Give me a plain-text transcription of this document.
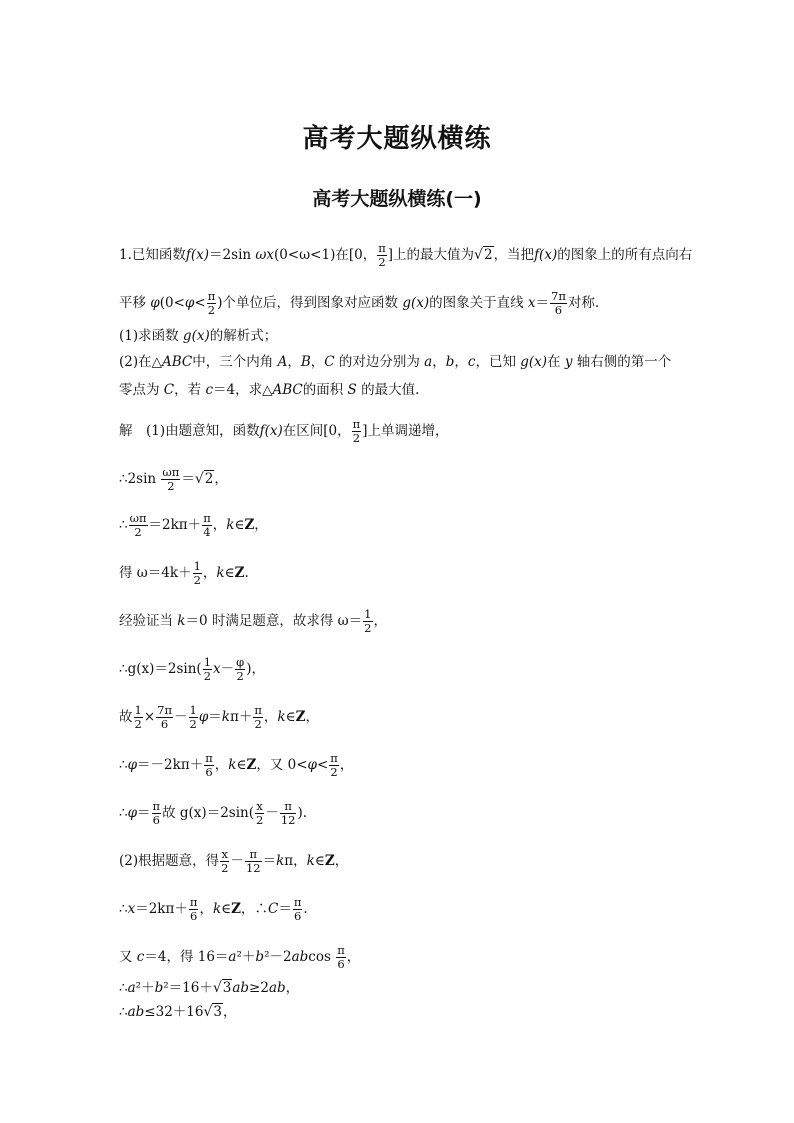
高考大题纵横练
高考大题纵横练(一)
1.已知函数f(x)＝2sin ωx(0<ω<1)在[0， $\frac{\pi}{2}$ ]上的最大值为√2，当把f(x)的图象上的所有点向右
平移 $\varphi(0<\varphi< \frac{\pi}{2}$ )个单位后，得到图象对应函数 g(x)的图象关于直线 $x= \frac{7\pi}{6}$ 对称.
(1)求函数 g(x)的解析式；
(2)在△ABC中，三个内角 A，B，C 的对边分别为 a，b，c，已知 g(x)在 y 轴右侧的第一个
零点为 C，若 c＝4，求△ABC的面积 S 的最大值.
解　(1)由题意知，函数f(x)在区间[0， $\frac{\pi}{2}$ ]上单调递增，
∴2sin $\frac{\omega\pi}{2} =√2$，
∴ $\frac{\omega\pi}{2} =2k\pi+ \frac{\pi}{4}$ ，k∈Z，
得 $\omega=4k+ \frac{1}{2}$ ，k∈Z.
经验证当 k＝0 时满足题意，故求得 $\omega= \frac{1}{2}$ ，
∴g(x)＝2sin( $\frac{1}{2} x- \frac{\varphi}{2}$ )，
故 $\frac{1}{2} \times \frac{7\pi}{6} - \frac{1}{2} \varphi=k\pi+ \frac{\pi}{2}$ ，k∈Z，
∴φ＝－2kπ＋ $\frac{\pi}{6}$ ，k∈Z，又 $0<\varphi< \frac{\pi}{2}$ ，
∴φ＝ $\frac{\pi}{6}$ 故 $g(x)=2\sin( \frac{x}{2} - \frac{\pi}{12}$ ).
(2)根据题意，得 $\frac{x}{2} - \frac{\pi}{12} =k\pi$，k∈Z，
∴x＝2kπ＋ $\frac{\pi}{6}$ ，k∈Z，∴C＝ $\frac{\pi}{6}$ .
又 c＝4，得 $16=a^2+b^2-2abcos \frac{\pi}{6}$ ，
∴a²＋b²＝16＋√3ab≥2ab，
∴ab≤32＋16√3，
